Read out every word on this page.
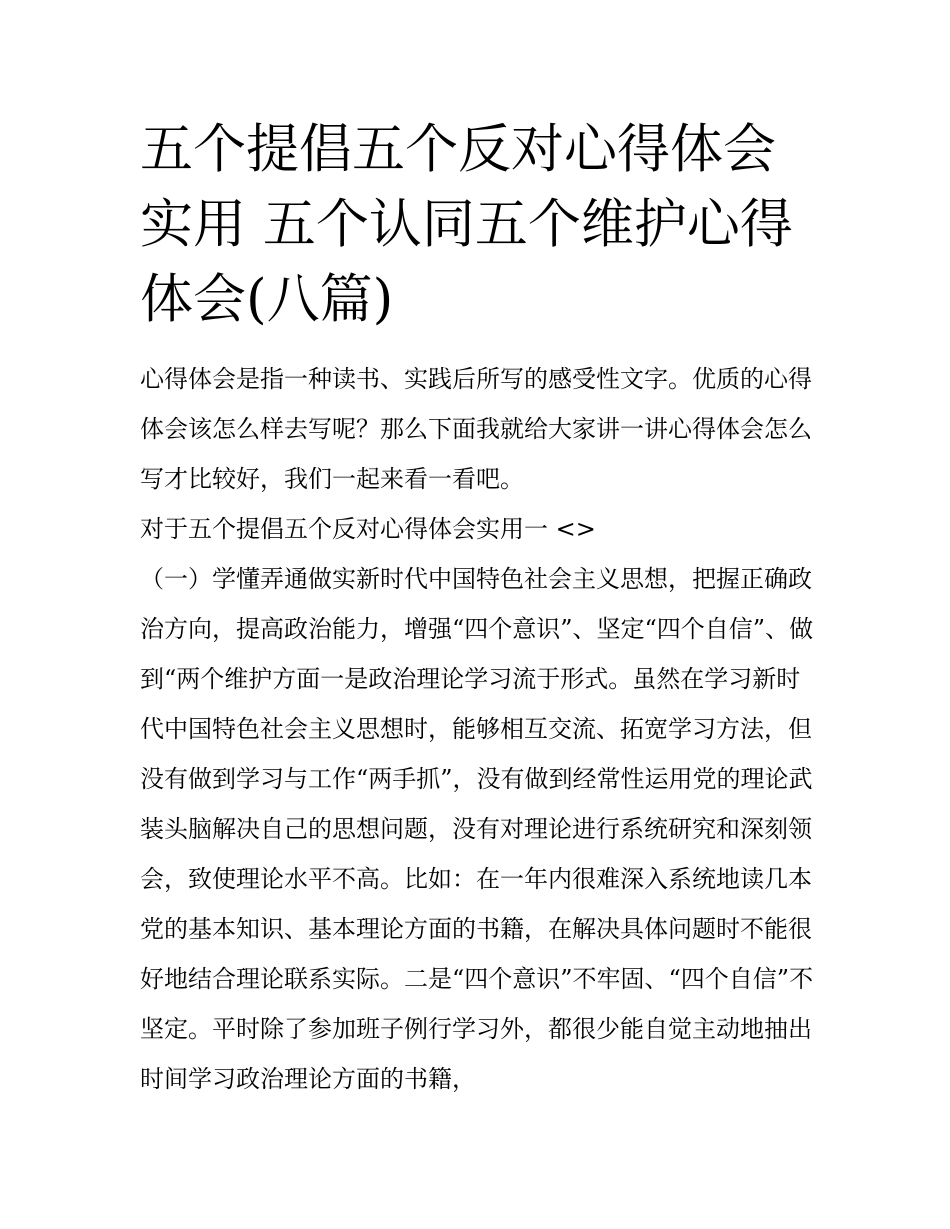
五个提倡五个反对心得体会实用 五个认同五个维护心得体会(八篇)

心得体会是指一种读书、实践后所写的感受性文字。优质的心得体会该怎么样去写呢？那么下面我就给大家讲一讲心得体会怎么写才比较好，我们一起来看一看吧。

对于五个提倡五个反对心得体会实用一 <>

（一）学懂弄通做实新时代中国特色社会主义思想，把握正确政治方向，提高政治能力，增强“四个意识”、坚定“四个自信”、做到“两个维护方面一是政治理论学习流于形式。虽然在学习新时代中国特色社会主义思想时，能够相互交流、拓宽学习方法，但没有做到学习与工作“两手抓”，没有做到经常性运用党的理论武装头脑解决自己的思想问题，没有对理论进行系统研究和深刻领会，致使理论水平不高。比如：在一年内很难深入系统地读几本党的基本知识、基本理论方面的书籍，在解决具体问题时不能很好地结合理论联系实际。二是“四个意识”不牢固、“四个自信”不坚定。平时除了参加班子例行学习外，都很少能自觉主动地抽出时间学习政治理论方面的书籍，
